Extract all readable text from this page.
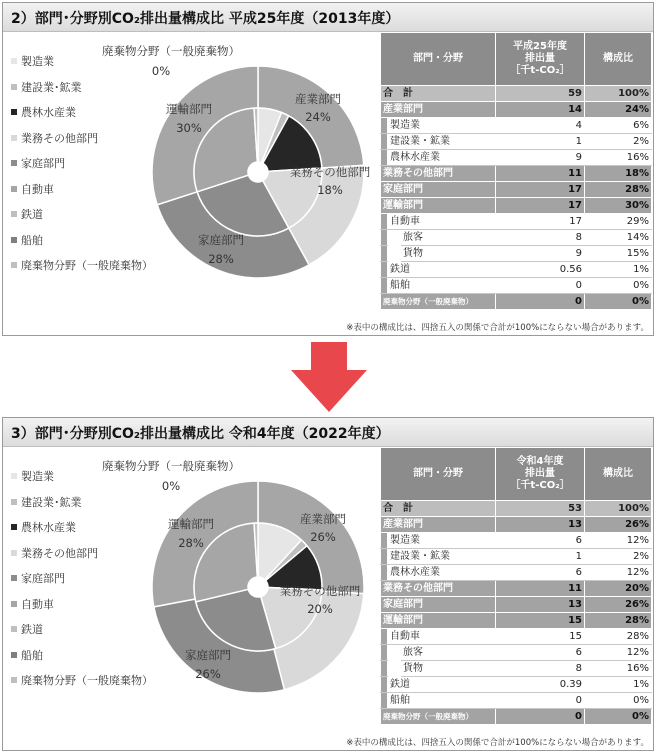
2）部門･分野別CO₂排出量構成比 平成25年度（2013年度）
製造業
建設業･鉱業
農林水産業
業務その他部門
家庭部門
自動車
鉄道
船舶
廃棄物分野（一般廃棄物）
産業部門
24%
業務その他部門
18%
家庭部門
28%
運輸部門
30%
廃棄物分野（一般廃棄物）
0%
部門・分野			平成25年度
排出量
［千t-CO₂］	構成比
合　計			59	100%
産業部門			14	24%
	製造業		4	6%
	建設業・鉱業		1	2%
	農林水産業		9	16%
業務その他部門			11	18%
家庭部門			17	28%
運輸部門			17	30%
	自動車		17	29%
		旅客	8	14%
		貨物	9	15%
	鉄道		0.56	1%
	船舶		0	0%
廃棄物分野（一般廃棄物）			0	0%
※表中の構成比は、四捨五入の関係で合計が100%にならない場合があります。
3）部門･分野別CO₂排出量構成比 令和4年度（2022年度）
製造業
建設業･鉱業
農林水産業
業務その他部門
家庭部門
自動車
鉄道
船舶
廃棄物分野（一般廃棄物）
産業部門
26%
業務その他部門
20%
家庭部門
26%
運輸部門
28%
廃棄物分野（一般廃棄物）
0%
部門・分野			令和4年度
排出量
［千t-CO₂］	構成比
合　計			53	100%
産業部門			13	26%
	製造業		6	12%
	建設業・鉱業		1	2%
	農林水産業		6	12%
業務その他部門			11	20%
家庭部門			13	26%
運輸部門			15	28%
	自動車		15	28%
		旅客	6	12%
		貨物	8	16%
	鉄道		0.39	1%
	船舶		0	0%
廃棄物分野（一般廃棄物）			0	0%
※表中の構成比は、四捨五入の関係で合計が100%にならない場合があります。
